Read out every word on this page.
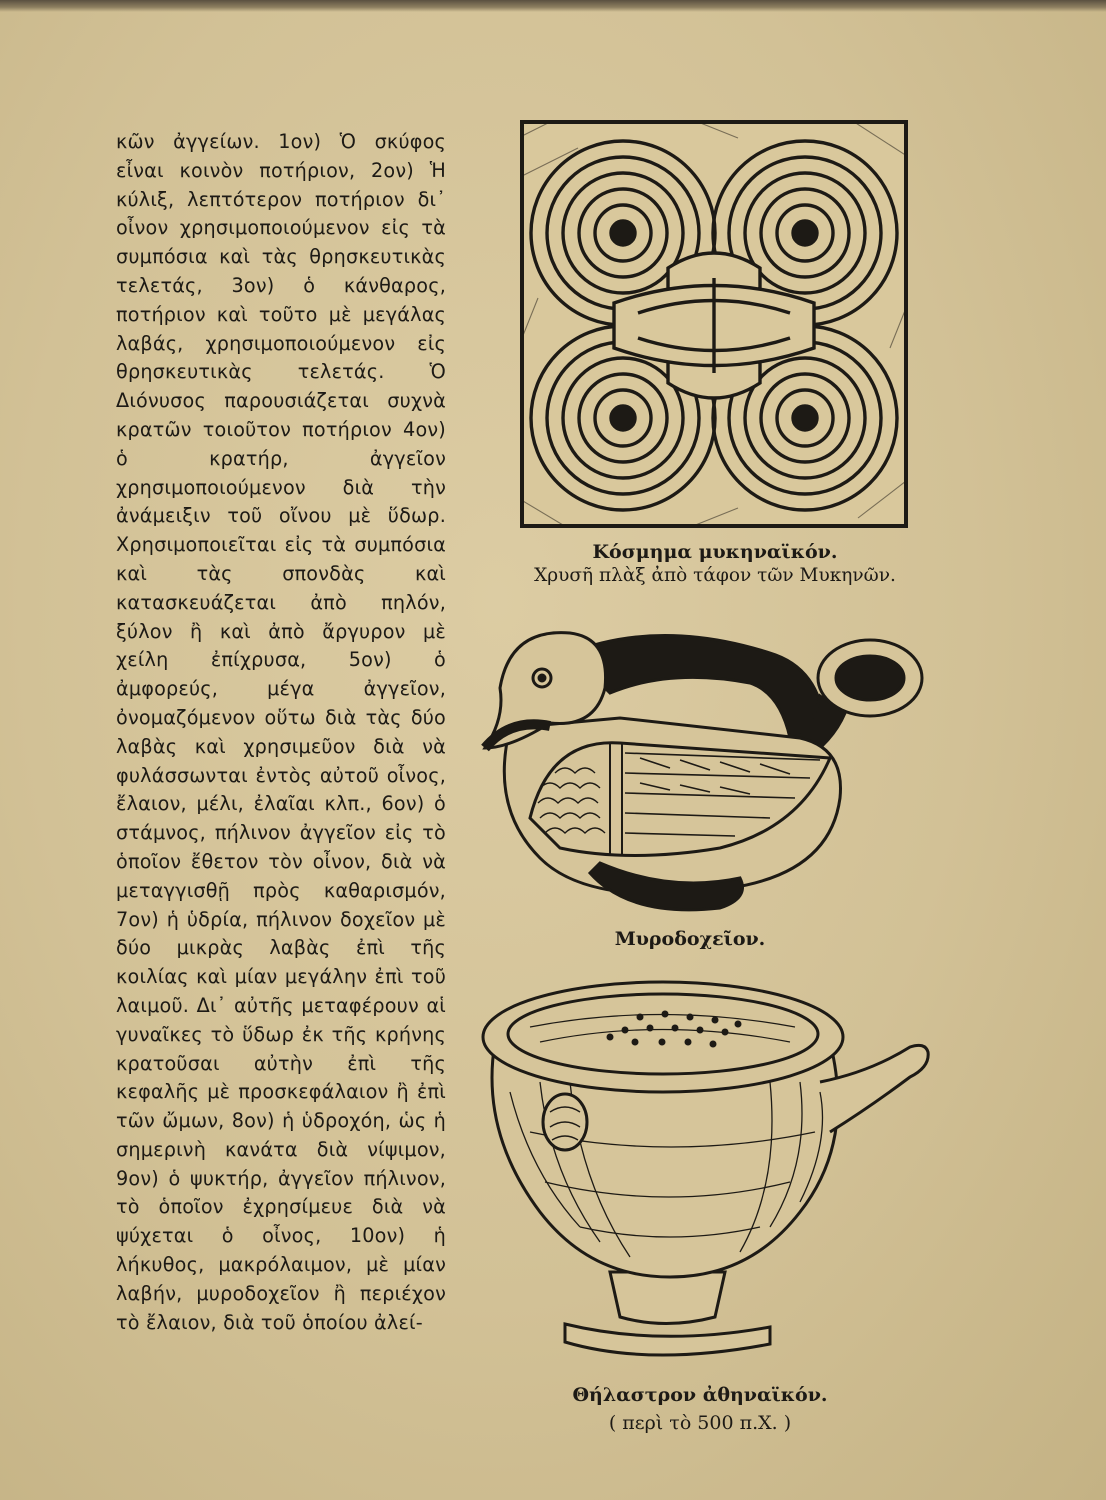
κῶν ἀγγείων. 1ον) Ὁ σκύφος εἶναι κοινὸν ποτήριον, 2ον) Ἡ κύλιξ, λεπτότερον ποτήριον δι᾽ οἶνον χρησιμοποιούμενον εἰς τὰ συμπόσια καὶ τὰς θρησκευτικὰς τελετάς, 3ον) ὁ κάνθαρος, ποτήριον καὶ τοῦτο μὲ μεγάλας λαβάς, χρησιμοποιούμενον εἰς θρησκευτικὰς τελετάς. Ὁ Διόνυσος παρουσιάζεται συχνὰ κρατῶν τοιοῦτον ποτήριον 4ον) ὁ κρατήρ, ἀγγεῖον χρησιμοποιούμενον διὰ τὴν ἀνάμειξιν τοῦ οἴνου μὲ ὕδωρ. Χρησιμοποιεῖται εἰς τὰ συμπόσια καὶ τὰς σπονδὰς καὶ κατασκευάζεται ἀπὸ πηλόν, ξύλον ἢ καὶ ἀπὸ ἄργυρον μὲ χείλη ἐπίχρυσα, 5ον) ὁ ἀμφορεύς, μέγα ἀγγεῖον, ὀνομαζόμενον οὕτω διὰ τὰς δύο λαβὰς καὶ χρησιμεῦον διὰ νὰ φυλάσσωνται ἐντὸς αὐτοῦ οἶνος, ἔλαιον, μέλι, ἐλαῖαι κλπ., 6ον) ὁ στάμνος, πήλινον ἀγγεῖον εἰς τὸ ὁποῖον ἔθετον τὸν οἶνον, διὰ νὰ μεταγγισθῇ πρὸς καθαρισμόν, 7ον) ἡ ὑδρία, πήλινον δοχεῖον μὲ δύο μικρὰς λαβὰς ἐπὶ τῆς κοιλίας καὶ μίαν μεγάλην ἐπὶ τοῦ λαιμοῦ. Δι᾽ αὐτῆς μεταφέρουν αἱ γυναῖκες τὸ ὕδωρ ἐκ τῆς κρήνης κρατοῦσαι αὐτὴν ἐπὶ τῆς κεφαλῆς μὲ προσκεφάλαιον ἢ ἐπὶ τῶν ὤμων, 8ον) ἡ ὑδροχόη, ὡς ἡ σημερινὴ κανάτα διὰ νίψιμον, 9ον) ὁ ψυκτήρ, ἀγγεῖον πήλινον, τὸ ὁποῖον ἐχρησίμευε διὰ νὰ ψύχεται ὁ οἶνος, 10ον) ἡ λήκυθος, μακρόλαιμον, μὲ μίαν λαβήν, μυροδοχεῖον ἢ περιέχον τὸ ἔλαιον, διὰ τοῦ ὁποίου ἀλεί-

Κόσμημα μυκηναϊκόν.
Χρυσῆ πλὰξ ἀπὸ τάφον τῶν Μυκηνῶν.
Μυροδοχεῖον.
Θήλαστρον ἀθηναϊκόν.
( περὶ τὸ 500 π.Χ. )
